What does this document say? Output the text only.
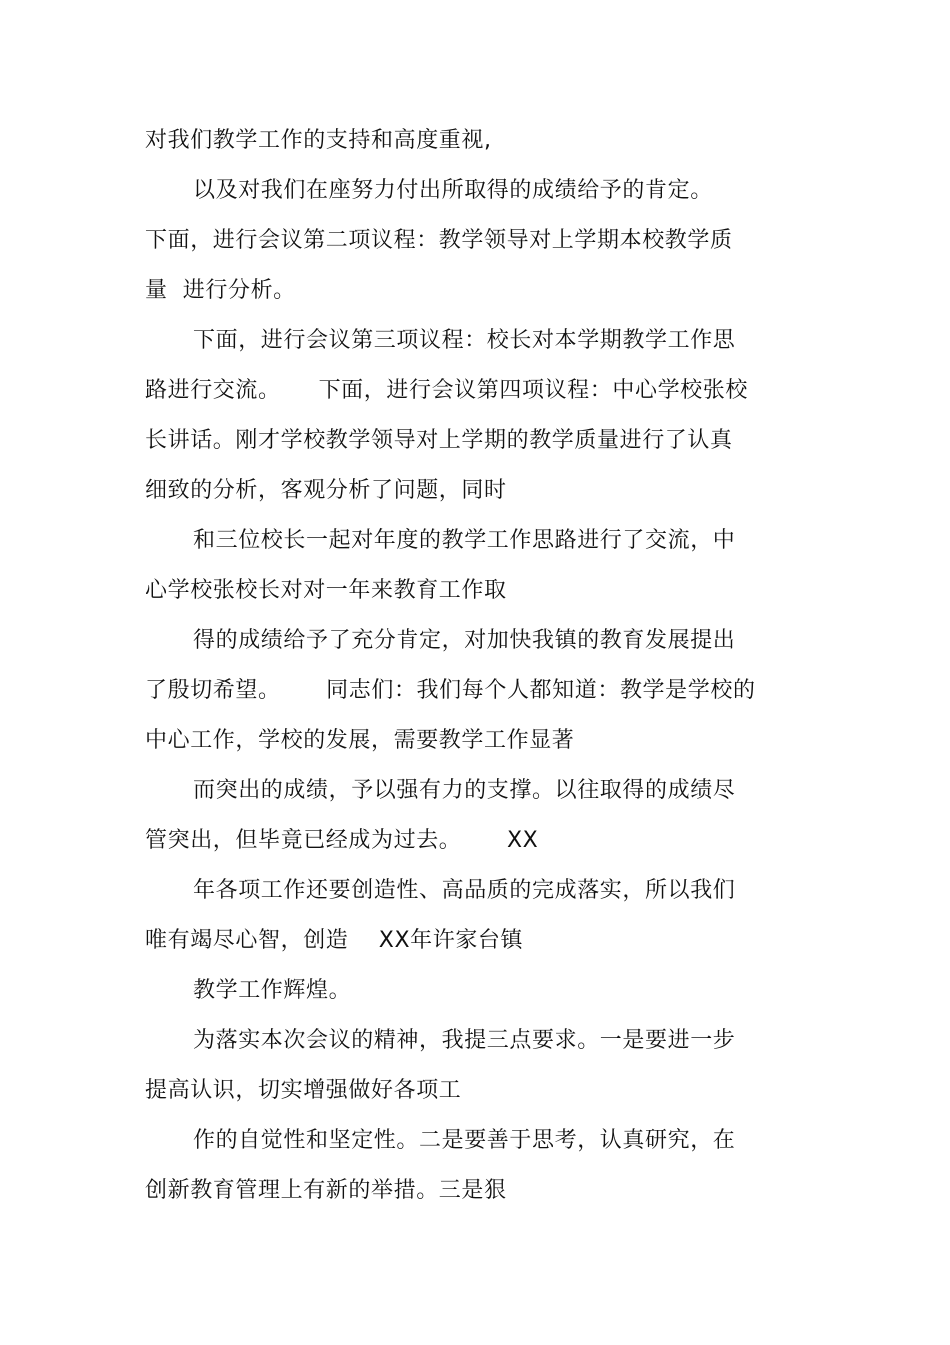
对我们教学工作的支持和高度重视,
以及对我们在座努力付出所取得的成绩给予的肯定。
下面，进行会议第二项议程：教学领导对上学期本校教学质
量  进行分析。
下面，进行会议第三项议程：校长对本学期教学工作思
路进行交流。     下面，进行会议第四项议程：中心学校张校
长讲话。刚才学校教学领导对上学期的教学质量进行了认真
细致的分析，客观分析了问题，同时
和三位校长一起对年度的教学工作思路进行了交流，中
心学校张校长对对一年来教育工作取
得的成绩给予了充分肯定，对加快我镇的教育发展提出
了殷切希望。      同志们：我们每个人都知道：教学是学校的
中心工作，学校的发展，需要教学工作显著
而突出的成绩，予以强有力的支撑。以往取得的成绩尽
管突出，但毕竟已经成为过去。      XX
年各项工作还要创造性、高品质的完成落实，所以我们
唯有竭尽心智，创造    XX年许家台镇
教学工作辉煌。
为落实本次会议的精神，我提三点要求。一是要进一步
提高认识，切实增强做好各项工
作的自觉性和坚定性。二是要善于思考，认真研究，在
创新教育管理上有新的举措。三是狠
